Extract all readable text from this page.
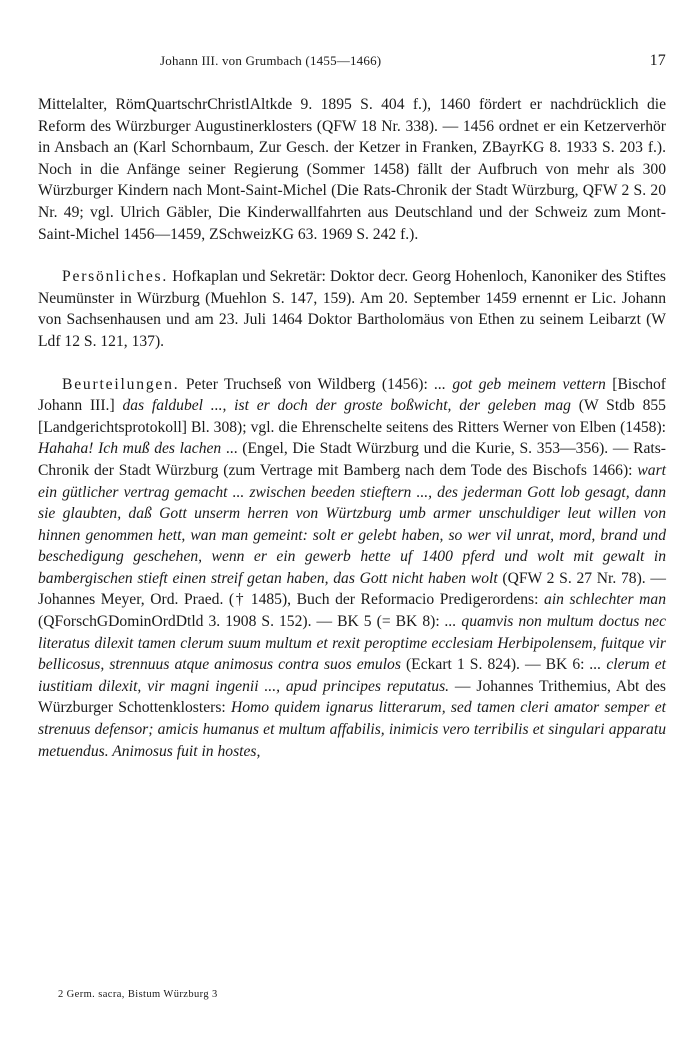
Johann III. von Grumbach (1455—1466)	17

Mittelalter, RömQuartschrChristlAltkde 9. 1895 S. 404 f.), 1460 fördert er nachdrücklich die Reform des Würzburger Augustinerklosters (QFW 18 Nr. 338). — 1456 ordnet er ein Ketzerverhör in Ansbach an (Karl Schornbaum, Zur Gesch. der Ketzer in Franken, ZBayrKG 8. 1933 S. 203 f.). Noch in die Anfänge seiner Regierung (Sommer 1458) fällt der Aufbruch von mehr als 300 Würzburger Kindern nach Mont-Saint-Michel (Die Rats-Chronik der Stadt Würzburg, QFW 2 S. 20 Nr. 49; vgl. Ulrich Gäbler, Die Kinderwallfahrten aus Deutschland und der Schweiz zum Mont-Saint-Michel 1456—1459, ZSchweizKG 63. 1969 S. 242 f.).

Persönliches. Hofkaplan und Sekretär: Doktor decr. Georg Hohenloch, Kanoniker des Stiftes Neumünster in Würzburg (Muehlon S. 147, 159). Am 20. September 1459 ernennt er Lic. Johann von Sachsenhausen und am 23. Juli 1464 Doktor Bartholomäus von Ethen zu seinem Leibarzt (W Ldf 12 S. 121, 137).

Beurteilungen. Peter Truchseß von Wildberg (1456): ... got geb meinem vettern [Bischof Johann III.] das faldubel ..., ist er doch der groste boßwicht, der geleben mag (W Stdb 855 [Landgerichtsprotokoll] Bl. 308); vgl. die Ehrenschelte seitens des Ritters Werner von Elben (1458): Hahaha! Ich muß des lachen ... (Engel, Die Stadt Würzburg und die Kurie, S. 353—356). — Rats-Chronik der Stadt Würzburg (zum Vertrage mit Bamberg nach dem Tode des Bischofs 1466): wart ein gütlicher vertrag gemacht ... zwischen beeden stieftern ..., des jederman Gott lob gesagt, dann sie glaubten, daß Gott unserm herren von Würtzburg umb armer unschuldiger leut willen von hinnen genommen hett, wan man gemeint: solt er gelebt haben, so wer vil unrat, mord, brand und beschedigung geschehen, wenn er ein gewerb hette uf 1400 pferd und wolt mit gewalt in bambergischen stieft einen streif getan haben, das Gott nicht haben wolt (QFW 2 S. 27 Nr. 78). — Johannes Meyer, Ord. Praed. († 1485), Buch der Reformacio Predigerordens: ain schlechter man (QForschGDominOrdDtld 3. 1908 S. 152). — BK 5 (= BK 8): ... quamvis non multum doctus nec literatus dilexit tamen clerum suum multum et rexit peroptime ecclesiam Herbipolensem, fuitque vir bellicosus, strennuus atque animosus contra suos emulos (Eckart 1 S. 824). — BK 6: ... clerum et iustitiam dilexit, vir magni ingenii ..., apud principes reputatus. — Johannes Trithemius, Abt des Würzburger Schottenklosters: Homo quidem ignarus litterarum, sed tamen cleri amator semper et strenuus defensor; amicis humanus et multum affabilis, inimicis vero terribilis et singulari apparatu metuendus. Animosus fuit in hostes,

2 Germ. sacra, Bistum Würzburg 3
